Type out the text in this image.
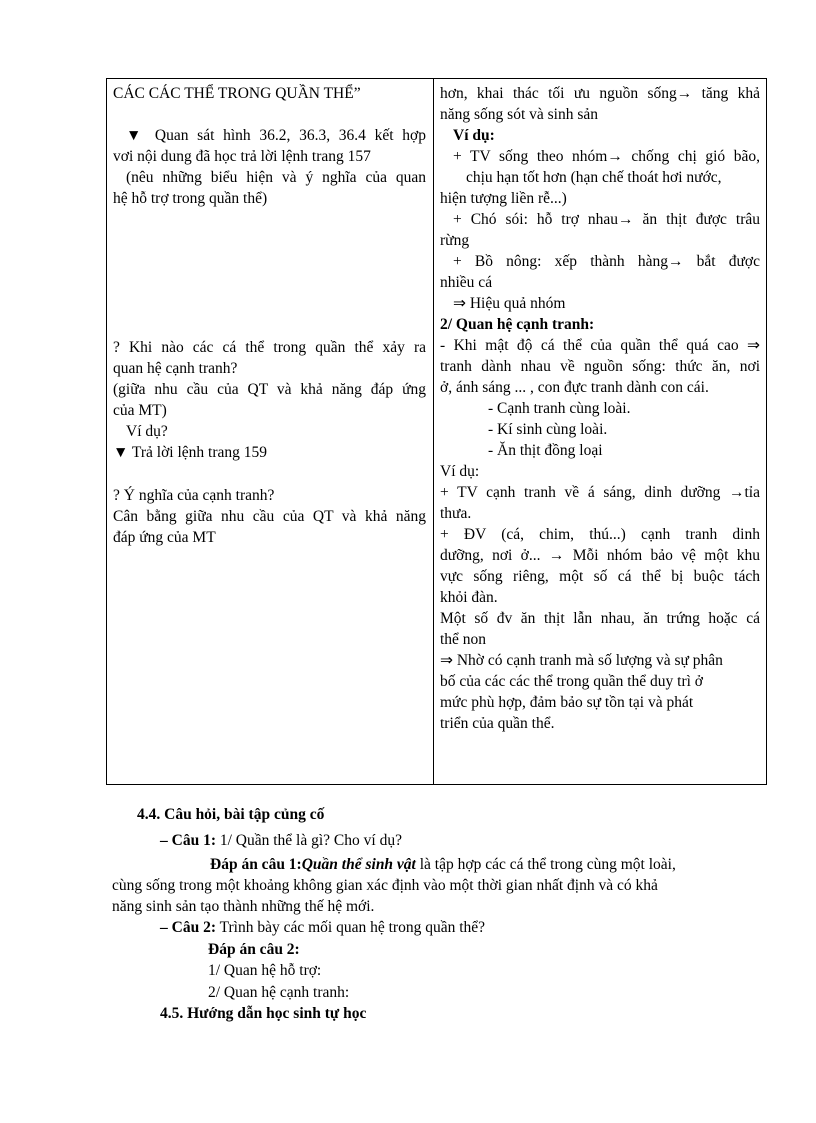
CÁC CÁC THỂ TRONG QUẦN THỂ”

▼ Quan sát hình 36.2, 36.3, 36.4 kết hợp

vơi nội dung đã học trả lời lệnh trang 157

(nêu những biểu hiện và ý nghĩa của quan

hệ hỗ trợ trong quần thể)

? Khi nào các cá thể trong quần thể xảy ra

quan hệ cạnh tranh?

(giữa nhu cầu của QT và khả năng đáp ứng

của MT)

Ví dụ?

▼ Trả lời lệnh trang 159

? Ý nghĩa của cạnh tranh?

Cân bằng giữa nhu cầu của QT và khả năng

đáp ứng của MT

hơn, khai thác tối ưu nguồn sống→ tăng khả

năng sống sót và sinh sản

Ví dụ:

+ TV sống theo nhóm→ chống chị gió bão,

chịu hạn tốt hơn (hạn chế thoát hơi nước,

hiện tượng liền rễ...)

+ Chó sói: hỗ trợ nhau→ ăn thịt được trâu

rừng

+ Bồ nông: xếp thành hàng→ bắt được

nhiều cá

⇒ Hiệu quả nhóm

2/ Quan hệ cạnh tranh:

- Khi mật độ cá thể của quần thể quá cao ⇒

tranh dành nhau về nguồn sống: thức ăn, nơi

ở, ánh sáng ... , con đực tranh dành con cái.

- Cạnh tranh cùng loài.

- Kí sinh cùng loài.

- Ăn thịt đồng loại

Ví dụ:

+ TV cạnh tranh về á sáng, dinh dưỡng →tỉa

thưa.

+ ĐV (cá, chim, thú...) cạnh tranh dinh

dưỡng, nơi ở... → Mỗi nhóm bảo vệ một khu

vực sống riêng, một số cá thể bị buộc tách

khỏi đàn.

Một số đv ăn thịt lẫn nhau, ăn trứng hoặc cá

thể non

⇒ Nhờ có cạnh tranh mà số lượng và sự phân

bố của các các thể trong quần thể duy trì ở

mức phù hợp, đảm bảo sự tồn tại và phát

triển của quần thể.

4.4. Câu hỏi, bài tập củng cố
– Câu 1: 1/ Quần thể là gì? Cho ví dụ?
Đáp án câu 1:Quần thể sinh vật là tập hợp các cá thể trong cùng một loài,
cùng sống trong một khoảng không gian xác định vào một thời gian nhất định và có khả
năng sinh sản tạo thành những thế hệ mới.
– Câu 2: Trình bày các mối quan hệ trong quần thể?
Đáp án câu 2:
1/ Quan hệ hỗ trợ:
2/ Quan hệ cạnh tranh:
4.5. Hướng dẫn học sinh tự học
